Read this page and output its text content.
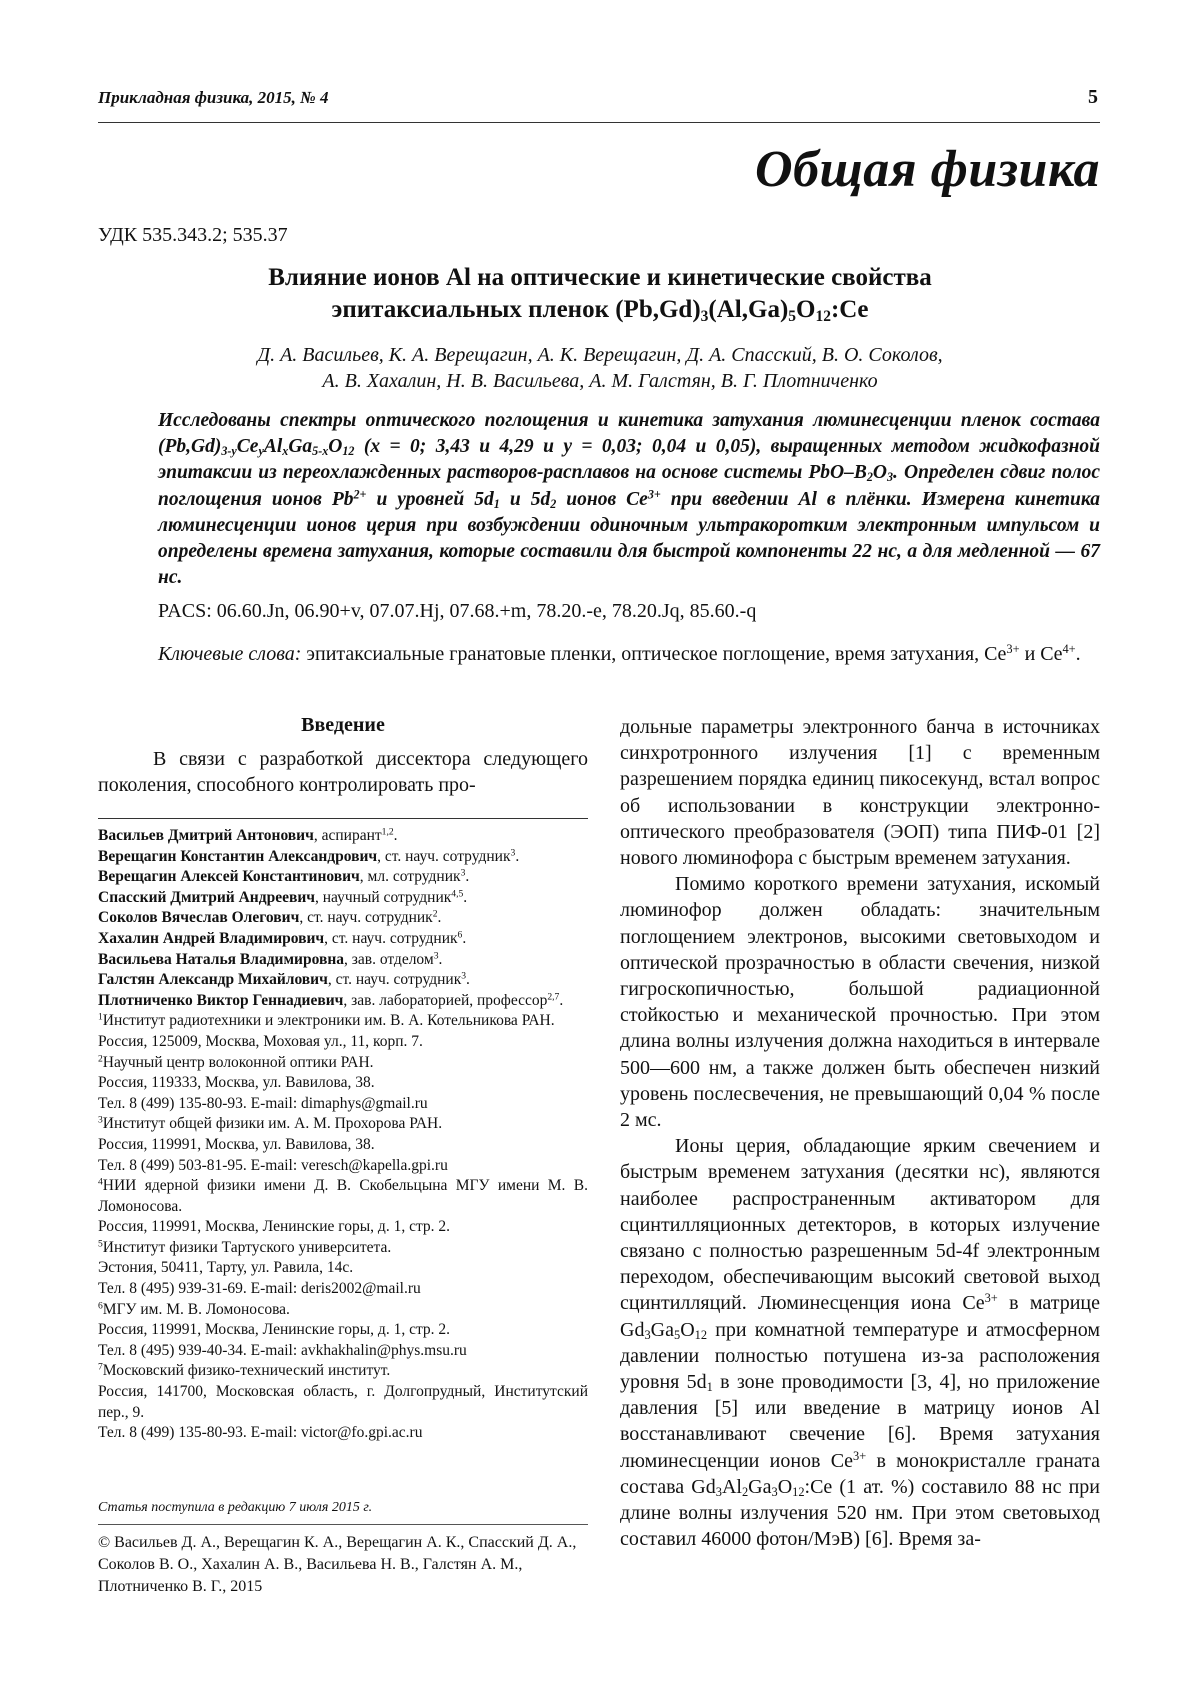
Прикладная физика, 2015, № 4	5
Общая физика
УДК 535.343.2; 535.37
Влияние ионов Al на оптические и кинетические свойства
эпитаксиальных пленок $(Pb,Gd)_3(Al,Ga)_5O_{12}:Ce$
Д. А. Васильев, К. А. Верещагин, А. К. Верещагин, Д. А. Спасский, В. О. Соколов,
А. В. Хахалин, Н. В. Васильева, А. М. Галстян, В. Г. Плотниченко
Исследованы спектры оптического поглощения и кинетика затухания люминесценции пленок состава $(Pb,Gd)_{3-y}Ce_yAl_xGa_{5-x}O_{12}$ (x = 0; 3,43 и 4,29 и y = 0,03; 0,04 и 0,05), выращенных методом жидкофазной эпитаксии из переохлажденных растворов-расплавов на основе системы PbO–$B_2O_3$. Определен сдвиг полос поглощения ионов $Pb^{2+}$ и уровней $5d_1$ и $5d_2$ ионов $Ce^{3+}$ при введении Al в плёнки. Измерена кинетика люминесценции ионов церия при возбуждении одиночным ультракоротким электронным импульсом и определены времена затухания, которые составили для быстрой компоненты 22 нс, а для медленной — 67 нс.
PACS: 06.60.Jn, 06.90+v, 07.07.Hj, 07.68.+m, 78.20.-e, 78.20.Jq, 85.60.-q
Ключевые слова: эпитаксиальные гранатовые пленки, оптическое поглощение, время затухания, $Ce^{3+}$ и $Ce^{4+}$.
Введение
В связи с разработкой диссектора следующего поколения, способного контролировать про-
Васильев Дмитрий Антонович, аспирант$^{1,2}$.
Верещагин Константин Александрович, ст. науч. сотрудник$^3$.
Верещагин Алексей Константинович, мл. сотрудник$^3$.
Спасский Дмитрий Андреевич, научный сотрудник$^{4,5}$.
Соколов Вячеслав Олегович, ст. науч. сотрудник$^2$.
Хахалин Андрей Владимирович, ст. науч. сотрудник$^6$.
Васильева Наталья Владимировна, зав. отделом$^3$.
Галстян Александр Михайлович, ст. науч. сотрудник$^3$.
Плотниченко Виктор Геннадиевич, зав. лабораторией, профессор$^{2,7}$.
$^1$Институт радиотехники и электроники им. В. А. Котельникова РАН.
Россия, 125009, Москва, Моховая ул., 11, корп. 7.
$^2$Научный центр волоконной оптики РАН.
Россия, 119333, Москва, ул. Вавилова, 38.
Тел. 8 (499) 135-80-93. E-mail: dimaphys@gmail.ru
$^3$Институт общей физики им. А. М. Прохорова РАН.
Россия, 119991, Москва, ул. Вавилова, 38.
Тел. 8 (499) 503-81-95. E-mail: veresch@kapella.gpi.ru
$^4$НИИ ядерной физики имени Д. В. Скобельцына МГУ имени М. В. Ломоносова.
Россия, 119991, Москва, Ленинские горы, д. 1, стр. 2.
$^5$Институт физики Тартуского университета.
Эстония, 50411, Тарту, ул. Равила, 14с.
Тел. 8 (495) 939-31-69. E-mail: deris2002@mail.ru
$^6$МГУ им. М. В. Ломоносова.
Россия, 119991, Москва, Ленинские горы, д. 1, стр. 2.
Тел. 8 (495) 939-40-34. E-mail: avkhakhalin@phys.msu.ru
$^7$Московский физико-технический институт.
Россия, 141700, Московская область, г. Долгопрудный, Институтский пер., 9.
Тел. 8 (499) 135-80-93. E-mail: victor@fo.gpi.ac.ru
Статья поступила в редакцию 7 июля 2015 г.
© Васильев Д. А., Верещагин К. А., Верещагин А. К., Спасский Д. А., Соколов В. О., Хахалин А. В., Васильева Н. В., Галстян А. М., Плотниченко В. Г., 2015

дольные параметры электронного банча в источниках синхротронного излучения [1] с временным разрешением порядка единиц пикосекунд, встал вопрос об использовании в конструкции электронно-оптического преобразователя (ЭОП) типа ПИФ-01 [2] нового люминофора с быстрым временем затухания.

Помимо короткого времени затухания, искомый люминофор должен обладать: значительным поглощением электронов, высокими световыходом и оптической прозрачностью в области свечения, низкой гигроскопичностью, большой радиационной стойкостью и механической прочностью. При этом длина волны излучения должна находиться в интервале 500—600 нм, а также должен быть обеспечен низкий уровень послесвечения, не превышающий 0,04 % после 2 мс.

Ионы церия, обладающие ярким свечением и быстрым временем затухания (десятки нс), являются наиболее распространенным активатором для сцинтилляционных детекторов, в которых излучение связано с полностью разрешенным 5d-4f электронным переходом, обеспечивающим высокий световой выход сцинтилляций. Люминесценция иона $Ce^{3+}$ в матрице $Gd_3Ga_5O_{12}$ при комнатной температуре и атмосферном давлении полностью потушена из-за расположения уровня $5d_1$ в зоне проводимости [3, 4], но приложение давления [5] или введение в матрицу ионов Al восстанавливают свечение [6]. Время затухания люминесценции ионов $Ce^{3+}$ в монокристалле граната состава $Gd_3Al_2Ga_3O_{12}:Ce$ (1 ат. %) составило 88 нс при длине волны излучения 520 нм. При этом световыход составил 46000 фотон/МэВ) [6]. Время за-
